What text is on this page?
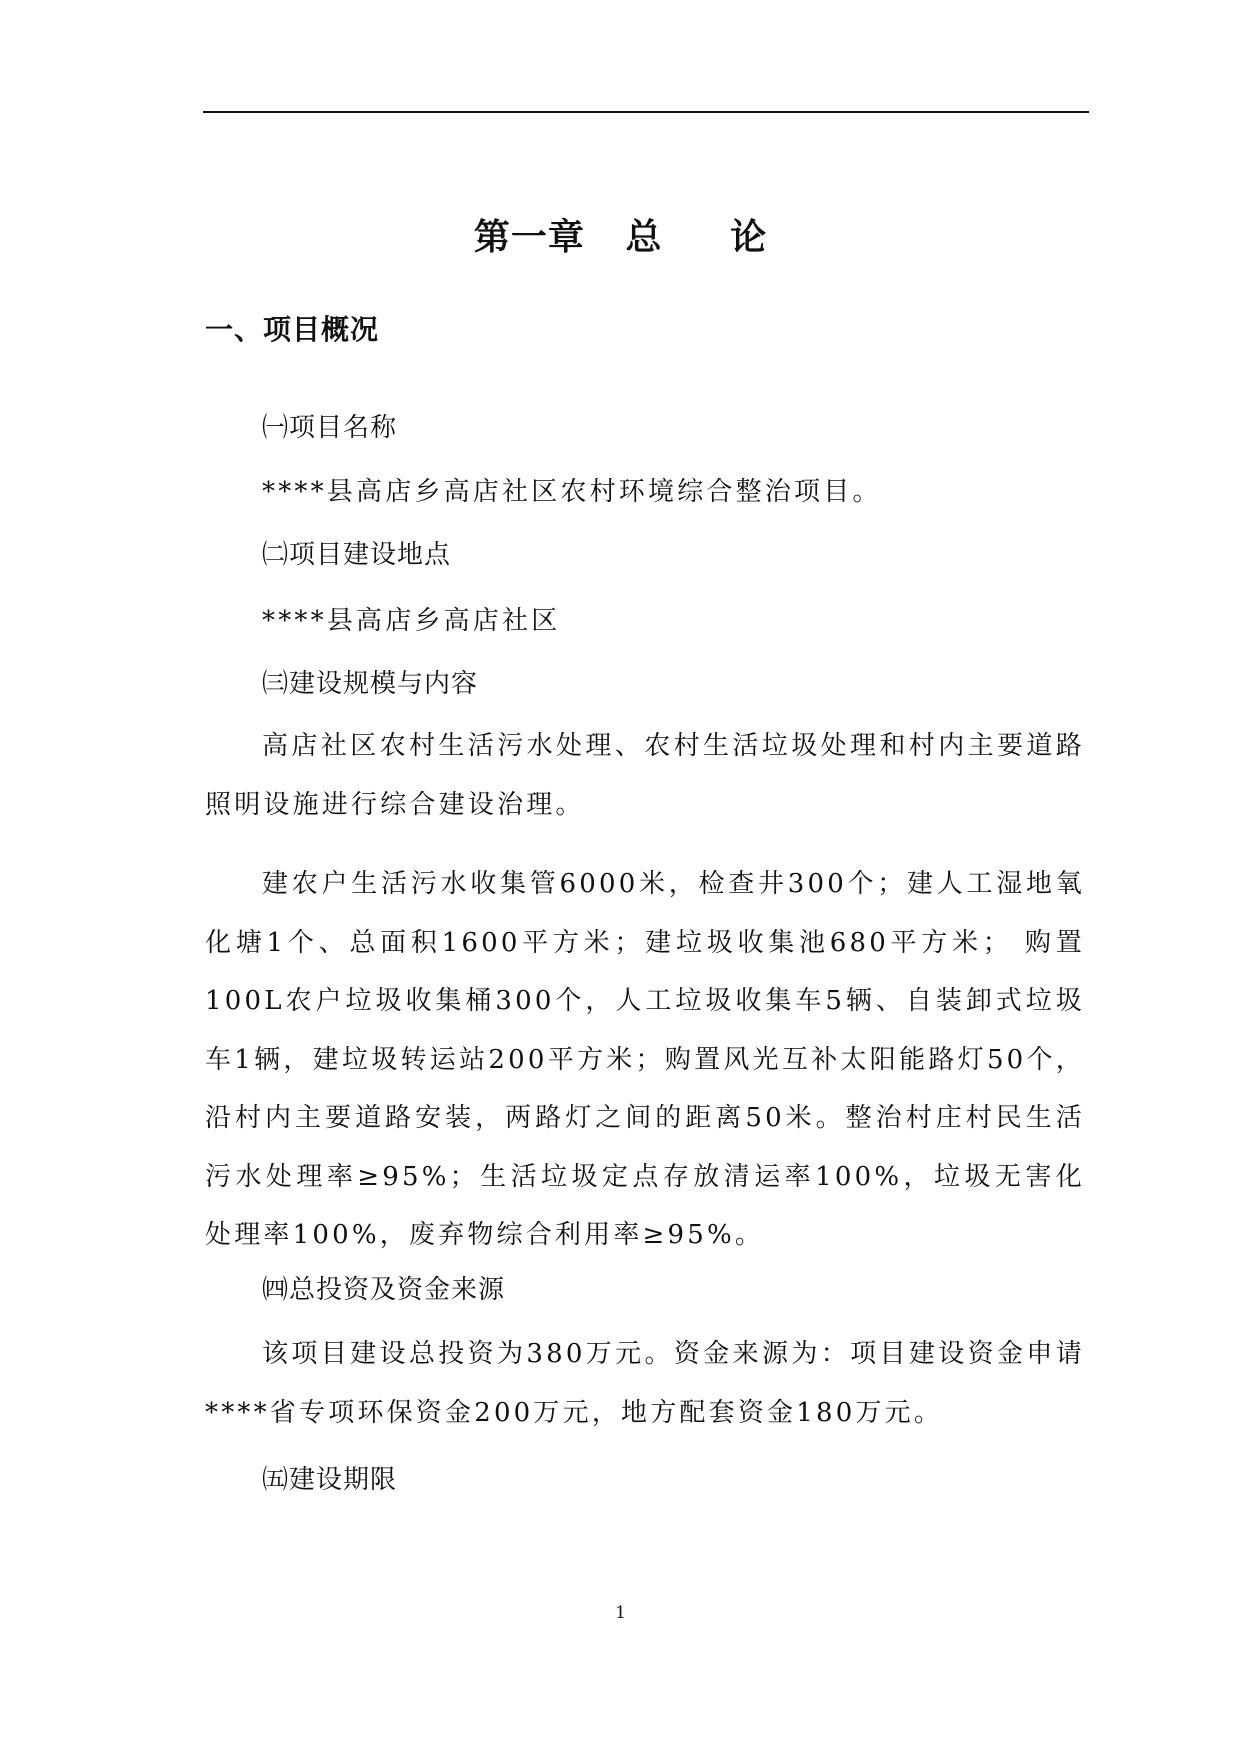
第一章   总     论
一、项目概况
㈠项目名称

****县高店乡高店社区农村环境综合整治项目。

㈡项目建设地点

****县高店乡高店社区

㈢建设规模与内容

高店社区农村生活污水处理、农村生活垃圾处理和村内主要道路照明设施进行综合建设治理。

建农户生活污水收集管6000米，检查井300个；建人工湿地氧化塘1个、总面积1600平方米；建垃圾收集池680平方米； 购置100L农户垃圾收集桶300个，人工垃圾收集车5辆、自装卸式垃圾车1辆，建垃圾转运站200平方米；购置风光互补太阳能路灯50个，沿村内主要道路安装，两路灯之间的距离50米。整治村庄村民生活污水处理率≥95%；生活垃圾定点存放清运率100%，垃圾无害化处理率100%，废弃物综合利用率≥95%。

㈣总投资及资金来源

该项目建设总投资为380万元。资金来源为：项目建设资金申请****省专项环保资金200万元，地方配套资金180万元。

㈤建设期限
1
